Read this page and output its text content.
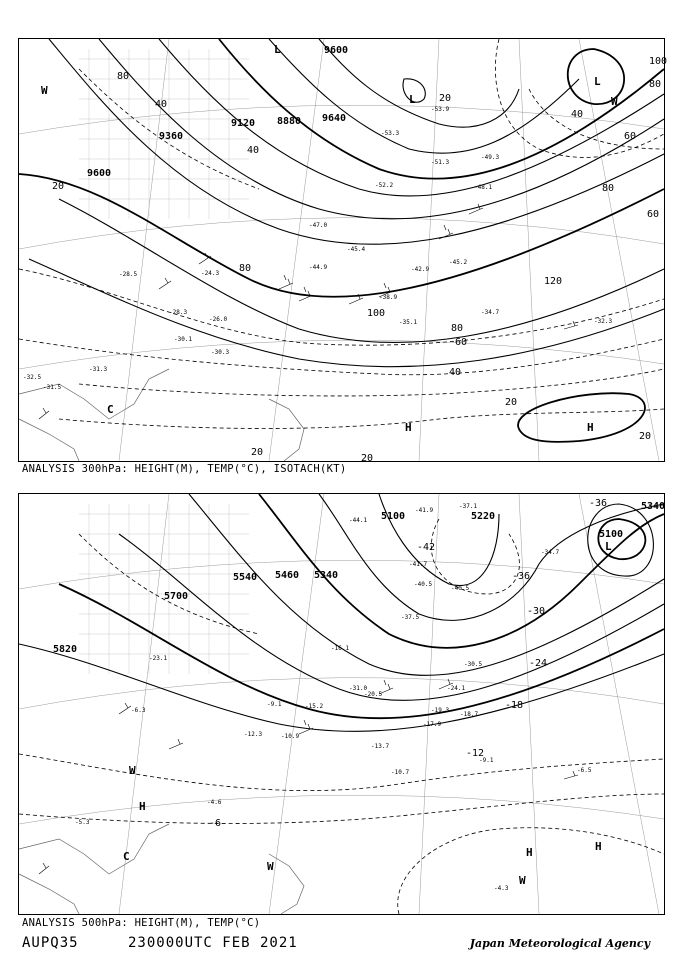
9600
9360
9120 8880 9640
9600
80
40
20
20
40
60
80
100
120
80
60
40
20
20
80
40
100
80
60
20
20
-53.9
-51.3
-52.2
-47.0
-45.4
-44.9
-38.9
-35.1
-34.7
-32.3
-30.1
-30.3
-31.3
-32.5
-31.5
-28.5
-28.3
-26.0
-24.3
-53.3
-49.3
-48.1
-42.9
-45.2
L
L
W
W
C
H	H
L
ANALYSIS 300hPa: HEIGHT(M), TEMP(°C), ISOTACH(KT)
5100	5220
5340
5700
5540 5460 5340
5820
5100
-42
-36
-36
-30
-24
-18
-12
-6
-40.5
-37.5
-30.5
-24.1
-19.3
-18.7
-13.7
-10.7
-9.1
-6.5
-4.3
-20.5
-17.9
-15.2
-10.9
-6.3
-4.6
-5.3
-9.1
-12.3
-16.1
-23.1
-31.0
-37.1
-40.5
-34.7
-41.7
-44.1
-41.9
L
W
H
C
W
H	H
W
ANALYSIS 500hPa: HEIGHT(M), TEMP(°C)
AUPQ35	230000UTC FEB 2021	Japan Meteorological Agency
